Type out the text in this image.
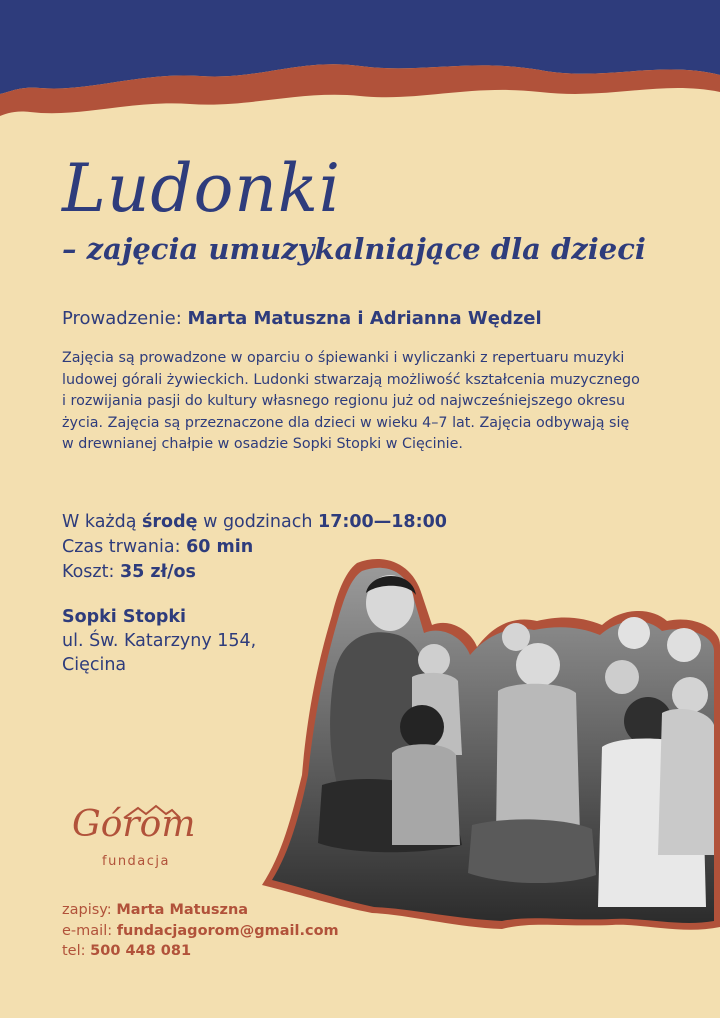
Ludonki
– zajęcia umuzykalniające dla dzieci
Prowadzenie: Marta Matuszna i Adrianna Wędzel
Zajęcia są prowadzone w oparciu o śpiewanki i wyliczanki z repertuaru muzyki
ludowej górali żywieckich. Ludonki stwarzają możliwość kształcenia muzycznego
i rozwijania pasji do kultury własnego regionu już od najwcześniejszego okresu
życia. Zajęcia są przeznaczone dla dzieci w wieku 4–7 lat. Zajęcia odbywają się
w drewnianej chałpie w osadzie Sopki Stopki w Cięcinie.
W każdą środę w godzinach 17:00—18:00
Czas trwania: 60 min
Koszt: 35 zł/os
Sopki Stopki
ul. Św. Katarzyny 154,
Cięcina
Górom
fundacja
zapisy: Marta Matuszna
e-mail: fundacjagorom@gmail.com
tel: 500 448 081
